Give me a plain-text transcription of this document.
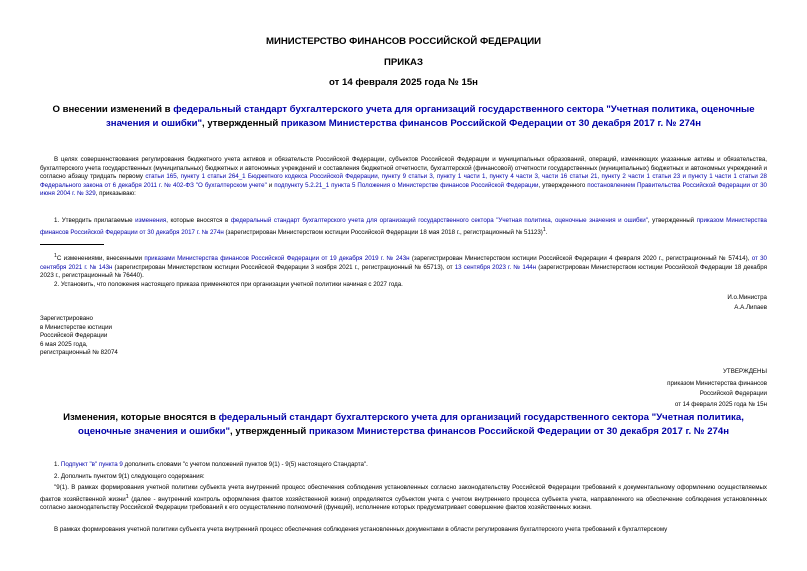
МИНИСТЕРСТВО ФИНАНСОВ РОССИЙСКОЙ ФЕДЕРАЦИИ
ПРИКАЗ
от 14 февраля 2025 года № 15н
О внесении изменений в федеральный стандарт бухгалтерского учета для организаций государственного сектора "Учетная политика, оценочные значения и ошибки", утвержденный приказом Министерства финансов Российской Федерации от 30 декабря 2017 г. № 274н
В целях совершенствования регулирования бюджетного учета активов и обязательств Российской Федерации, субъектов Российской Федерации и муниципальных образований, операций, изменяющих указанные активы и обязательства, бухгалтерского учета государственных (муниципальных) бюджетных и автономных учреждений и составления бюджетной отчетности, бухгалтерской (финансовой) отчетности государственных (муниципальных) бюджетных и автономных учреждений и согласно абзацу тридцать первому статьи 165, пункту 1 статьи 264_1 Бюджетного кодекса Российской Федерации, пункту 9 статьи 3, пункту 1 части 1, пункту 4 части 3, части 16 статьи 21, пункту 2 части 1 статьи 23 и пункту 1 части 1 статьи 28 Федерального закона от 6 декабря 2011 г. № 402-ФЗ "О бухгалтерском учете" и подпункту 5.2.21_1 пункта 5 Положения о Министерстве финансов Российской Федерации, утвержденного постановлением Правительства Российской Федерации от 30 июня 2004 г. № 329, приказываю:
1. Утвердить прилагаемые изменения, которые вносятся в федеральный стандарт бухгалтерского учета для организаций государственного сектора "Учетная политика, оценочные значения и ошибки", утвержденный приказом Министерства финансов Российской Федерации от 30 декабря 2017 г. № 274н (зарегистрирован Министерством юстиции Российской Федерации 18 мая 2018 г., регистрационный № 51123)$^1$.
$^1$С изменениями, внесенными приказами Министерства финансов Российской Федерации от 19 декабря 2019 г. № 243н (зарегистрирован Министерством юстиции Российской Федерации 4 февраля 2020 г., регистрационный № 57414), от 30 сентября 2021 г. № 143н (зарегистрирован Министерством юстиции Российской Федерации 3 ноября 2021 г., регистрационный № 65713), от 13 сентября 2023 г. № 144н (зарегистрирован Министерством юстиции Российской Федерации 18 декабря 2023 г., регистрационный № 76440).
2. Установить, что положения настоящего приказа применяются при организации учетной политики начиная с 2027 года.
И.о.Министра
А.А.Липаев
Зарегистрировано
в Министерстве юстиции
Российской Федерации
6 мая 2025 года,
регистрационный № 82074
УТВЕРЖДЕНЫ
приказом Министерства финансов
Российской Федерации
от 14 февраля 2025 года № 15н
Изменения, которые вносятся в федеральный стандарт бухгалтерского учета для организаций государственного сектора "Учетная политика, оценочные значения и ошибки", утвержденный приказом Министерства финансов Российской Федерации от 30 декабря 2017 г. № 274н
1. Подпункт "в" пункта 9 дополнить словами "с учетом положений пунктов 9(1) - 9(5) настоящего Стандарта".
2. Дополнить пунктом 9(1) следующего содержания:
"9(1). В рамках формирования учетной политики субъекта учета внутренний процесс обеспечения соблюдения установленных согласно законодательству Российской Федерации требований к документальному оформлению осуществляемых фактов хозяйственной жизни$^1$ (далее - внутренний контроль оформления фактов хозяйственной жизни) определяется субъектом учета с учетом внутреннего процесса субъекта учета, направленного на обеспечение соблюдения установленных согласно законодательству Российской Федерации требований к его осуществлению полномочий (функций), исполнение которых предусматривает совершение фактов хозяйственных жизни.
В рамках формирования учетной политики субъекта учета внутренний процесс обеспечения соблюдения установленных документами в области регулирования бухгалтерского учета требований к бухгалтерскому
